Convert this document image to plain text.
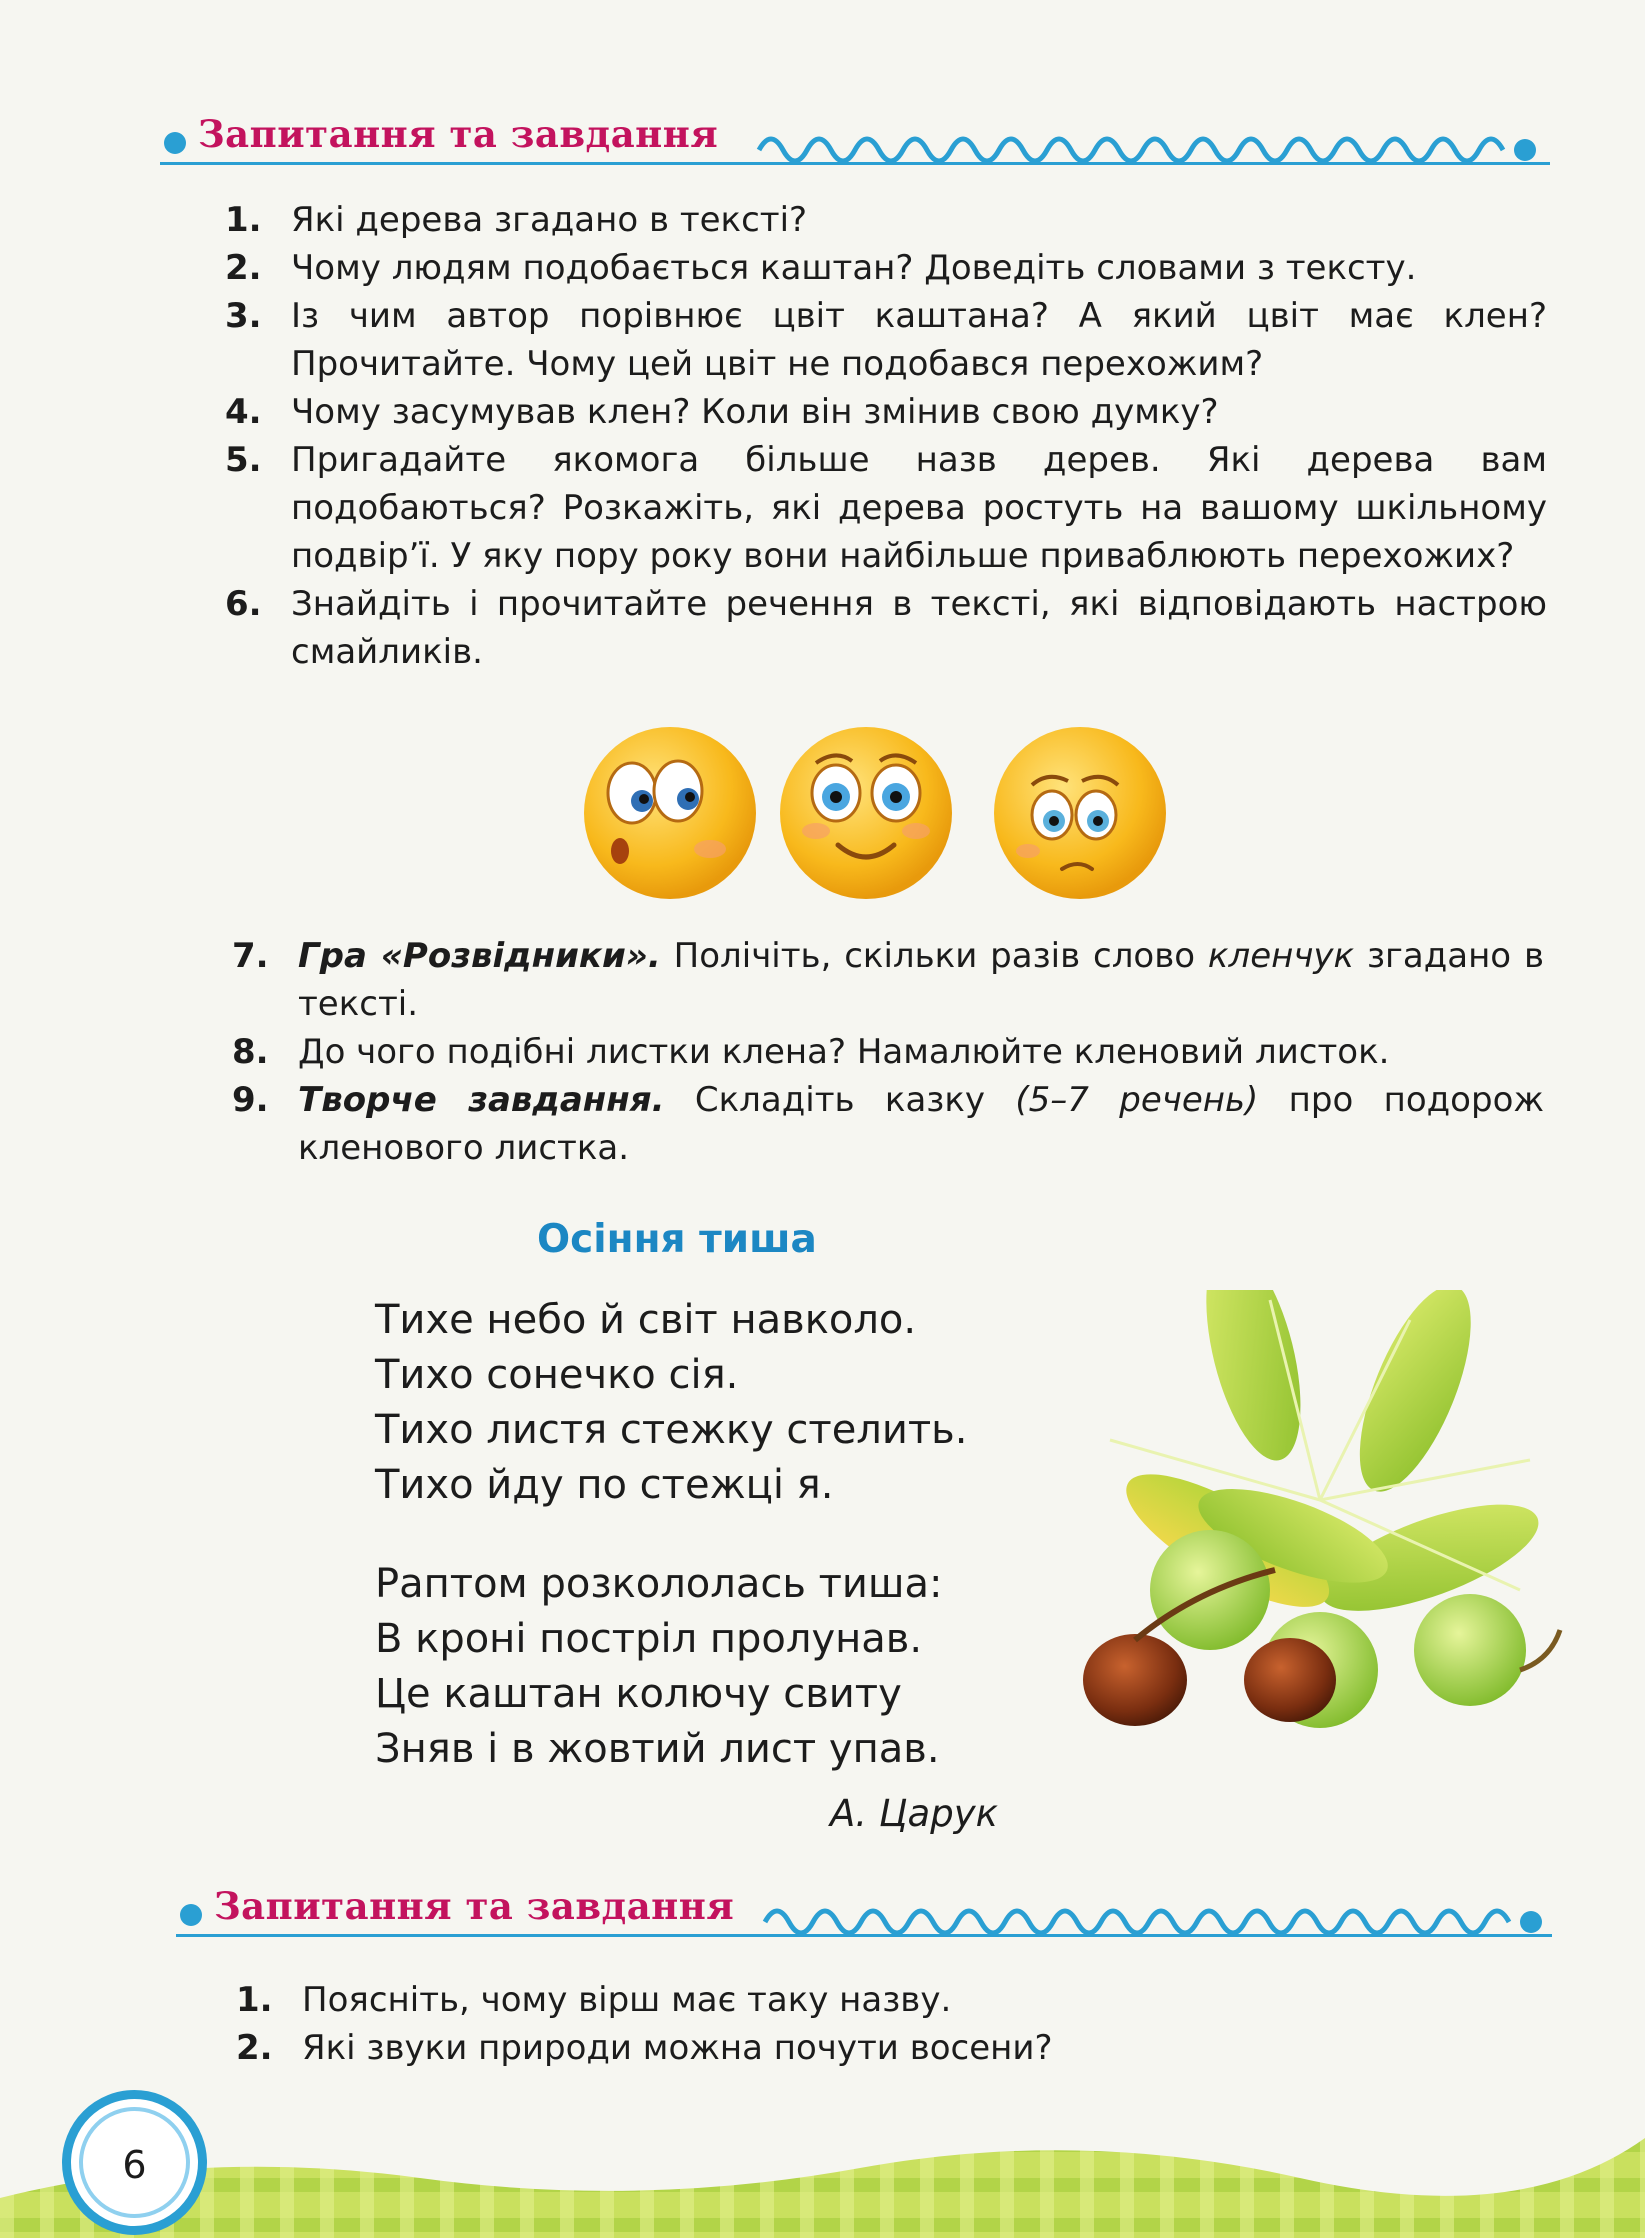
Запитання та завдання
1. Які дерева згадано в тексті?
2. Чому людям подобається каштан? Доведіть словами з тексту.
3. Із чим автор порівнює цвіт каштана? А який цвіт має клен? Прочитайте. Чому цей цвіт не подобався перехожим?
4. Чому засумував клен? Коли він змінив свою думку?
5. Пригадайте якомога більше назв дерев. Які дерева вам подобаються? Розкажіть, які дерева ростуть на вашому шкільному подвір’ї. У яку пору року вони найбільше приваблюють перехожих?
6. Знайдіть і прочитайте речення в тексті, які відповідають настрою смайликів.
7. Гра «Розвідники». Полічіть, скільки разів слово кленчук згадано в тексті.
8. До чого подібні листки клена? Намалюйте кленовий листок.
9. Творче завдання. Складіть казку (5–7 речень) про подорож кленового листка.
Осіння тиша
Тихе небо й світ навколо.
Тихо сонечко сія.
Тихо листя стежку стелить.
Тихо йду по стежці я.
Раптом розкололась тиша:
В кроні постріл пролунав.
Це каштан колючу свиту
Зняв і в жовтий лист упав.
А. Царук
Запитання та завдання
1. Поясніть, чому вірш має таку назву.
2. Які звуки природи можна почути восени?
6
